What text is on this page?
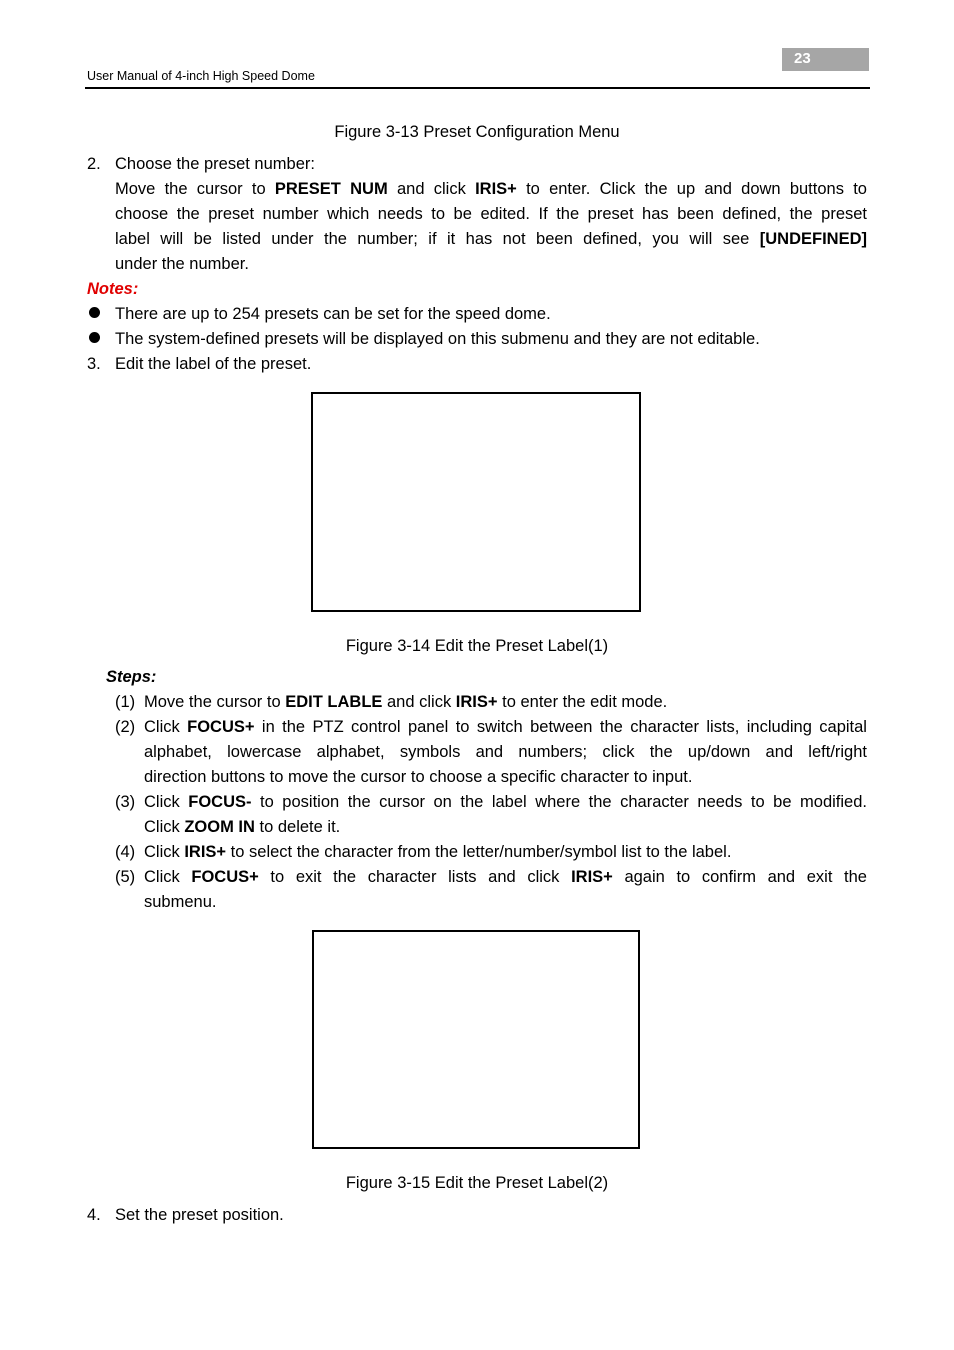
23
User Manual of 4-inch High Speed Dome
Figure 3-13 Preset Configuration Menu
2. Choose the preset number:
Move the cursor to PRESET NUM and click IRIS+ to enter. Click the up and down buttons to
choose the preset number which needs to be edited. If the preset has been defined, the preset
label will be listed under the number; if it has not been defined, you will see [UNDEFINED]
under the number.
Notes:
There are up to 254 presets can be set for the speed dome.
The system-defined presets will be displayed on this submenu and they are not editable.
3. Edit the label of the preset.
Figure 3-14 Edit the Preset Label(1)
Steps:
(1) Move the cursor to EDIT LABLE and click IRIS+ to enter the edit mode.
(2) Click FOCUS+ in the PTZ control panel to switch between the character lists, including capital
alphabet, lowercase alphabet, symbols and numbers; click the up/down and left/right
direction buttons to move the cursor to choose a specific character to input.
(3) Click FOCUS- to position the cursor on the label where the character needs to be modified.
Click ZOOM IN to delete it.
(4) Click IRIS+ to select the character from the letter/number/symbol list to the label.
(5) Click FOCUS+ to exit the character lists and click IRIS+ again to confirm and exit the
submenu.
Figure 3-15 Edit the Preset Label(2)
4. Set the preset position.
